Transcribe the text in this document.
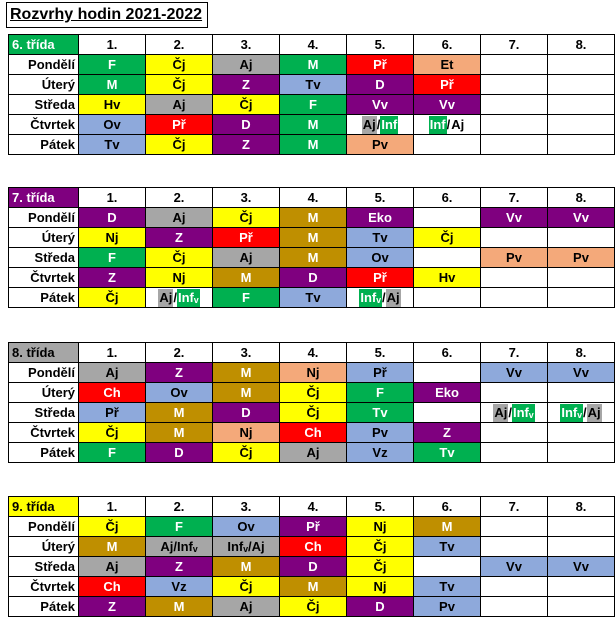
Rozvrhy hodin 2021-2022
6. třída	1.	2.	3.	4.	5.	6.	7.	8.
Pondělí	F	Čj	Aj	M	Př	Et		
Úterý	M	Čj	Z	Tv	D	Př		
Středa	Hv	Aj	Čj	F	Vv	Vv		
Čtvrtek	Ov	Př	D	M	Aj / Inf	Inf / Aj		

Pátek	Tv	Čj	Z	M	Pv			
7. třída	1.	2.	3.	4.	5.	6.	7.	8.
Pondělí	D	Aj	Čj	M	Eko		Vv	Vv
Úterý	Nj	Z	Př	M	Tv	Čj		
Středa	F	Čj	Aj	M	Ov		Pv	Pv
Čtvrtek	Z	Nj	M	D	Př	Hv		
Pátek	Čj	Aj / Infᵥ	F	Tv	Infᵥ / Aj			

8. třída	1.	2.	3.	4.	5.	6.	7.	8.
Pondělí	Aj	Z	M	Nj	Př		Vv	Vv
Úterý	Ch	Ov	M	Čj	F	Eko		
Středa	Př	M	D	Čj	Tv		Aj / Infᵥ	Infᵥ / Aj

Čtvrtek	Čj	M	Nj	Ch	Pv	Z		
Pátek	F	D	Čj	Aj	Vz	Tv		
9. třída	1.	2.	3.	4.	5.	6.	7.	8.
Pondělí	Čj	F	Ov	Př	Nj	M		
Úterý	M	Aj/Infᵥ	Infᵥ/Aj	Ch	Čj	Tv		
Středa	Aj	Z	M	D	Čj		Vv	Vv
Čtvrtek	Ch	Vz	Čj	M	Nj	Tv		
Pátek	Z	M	Aj	Čj	D	Pv		
